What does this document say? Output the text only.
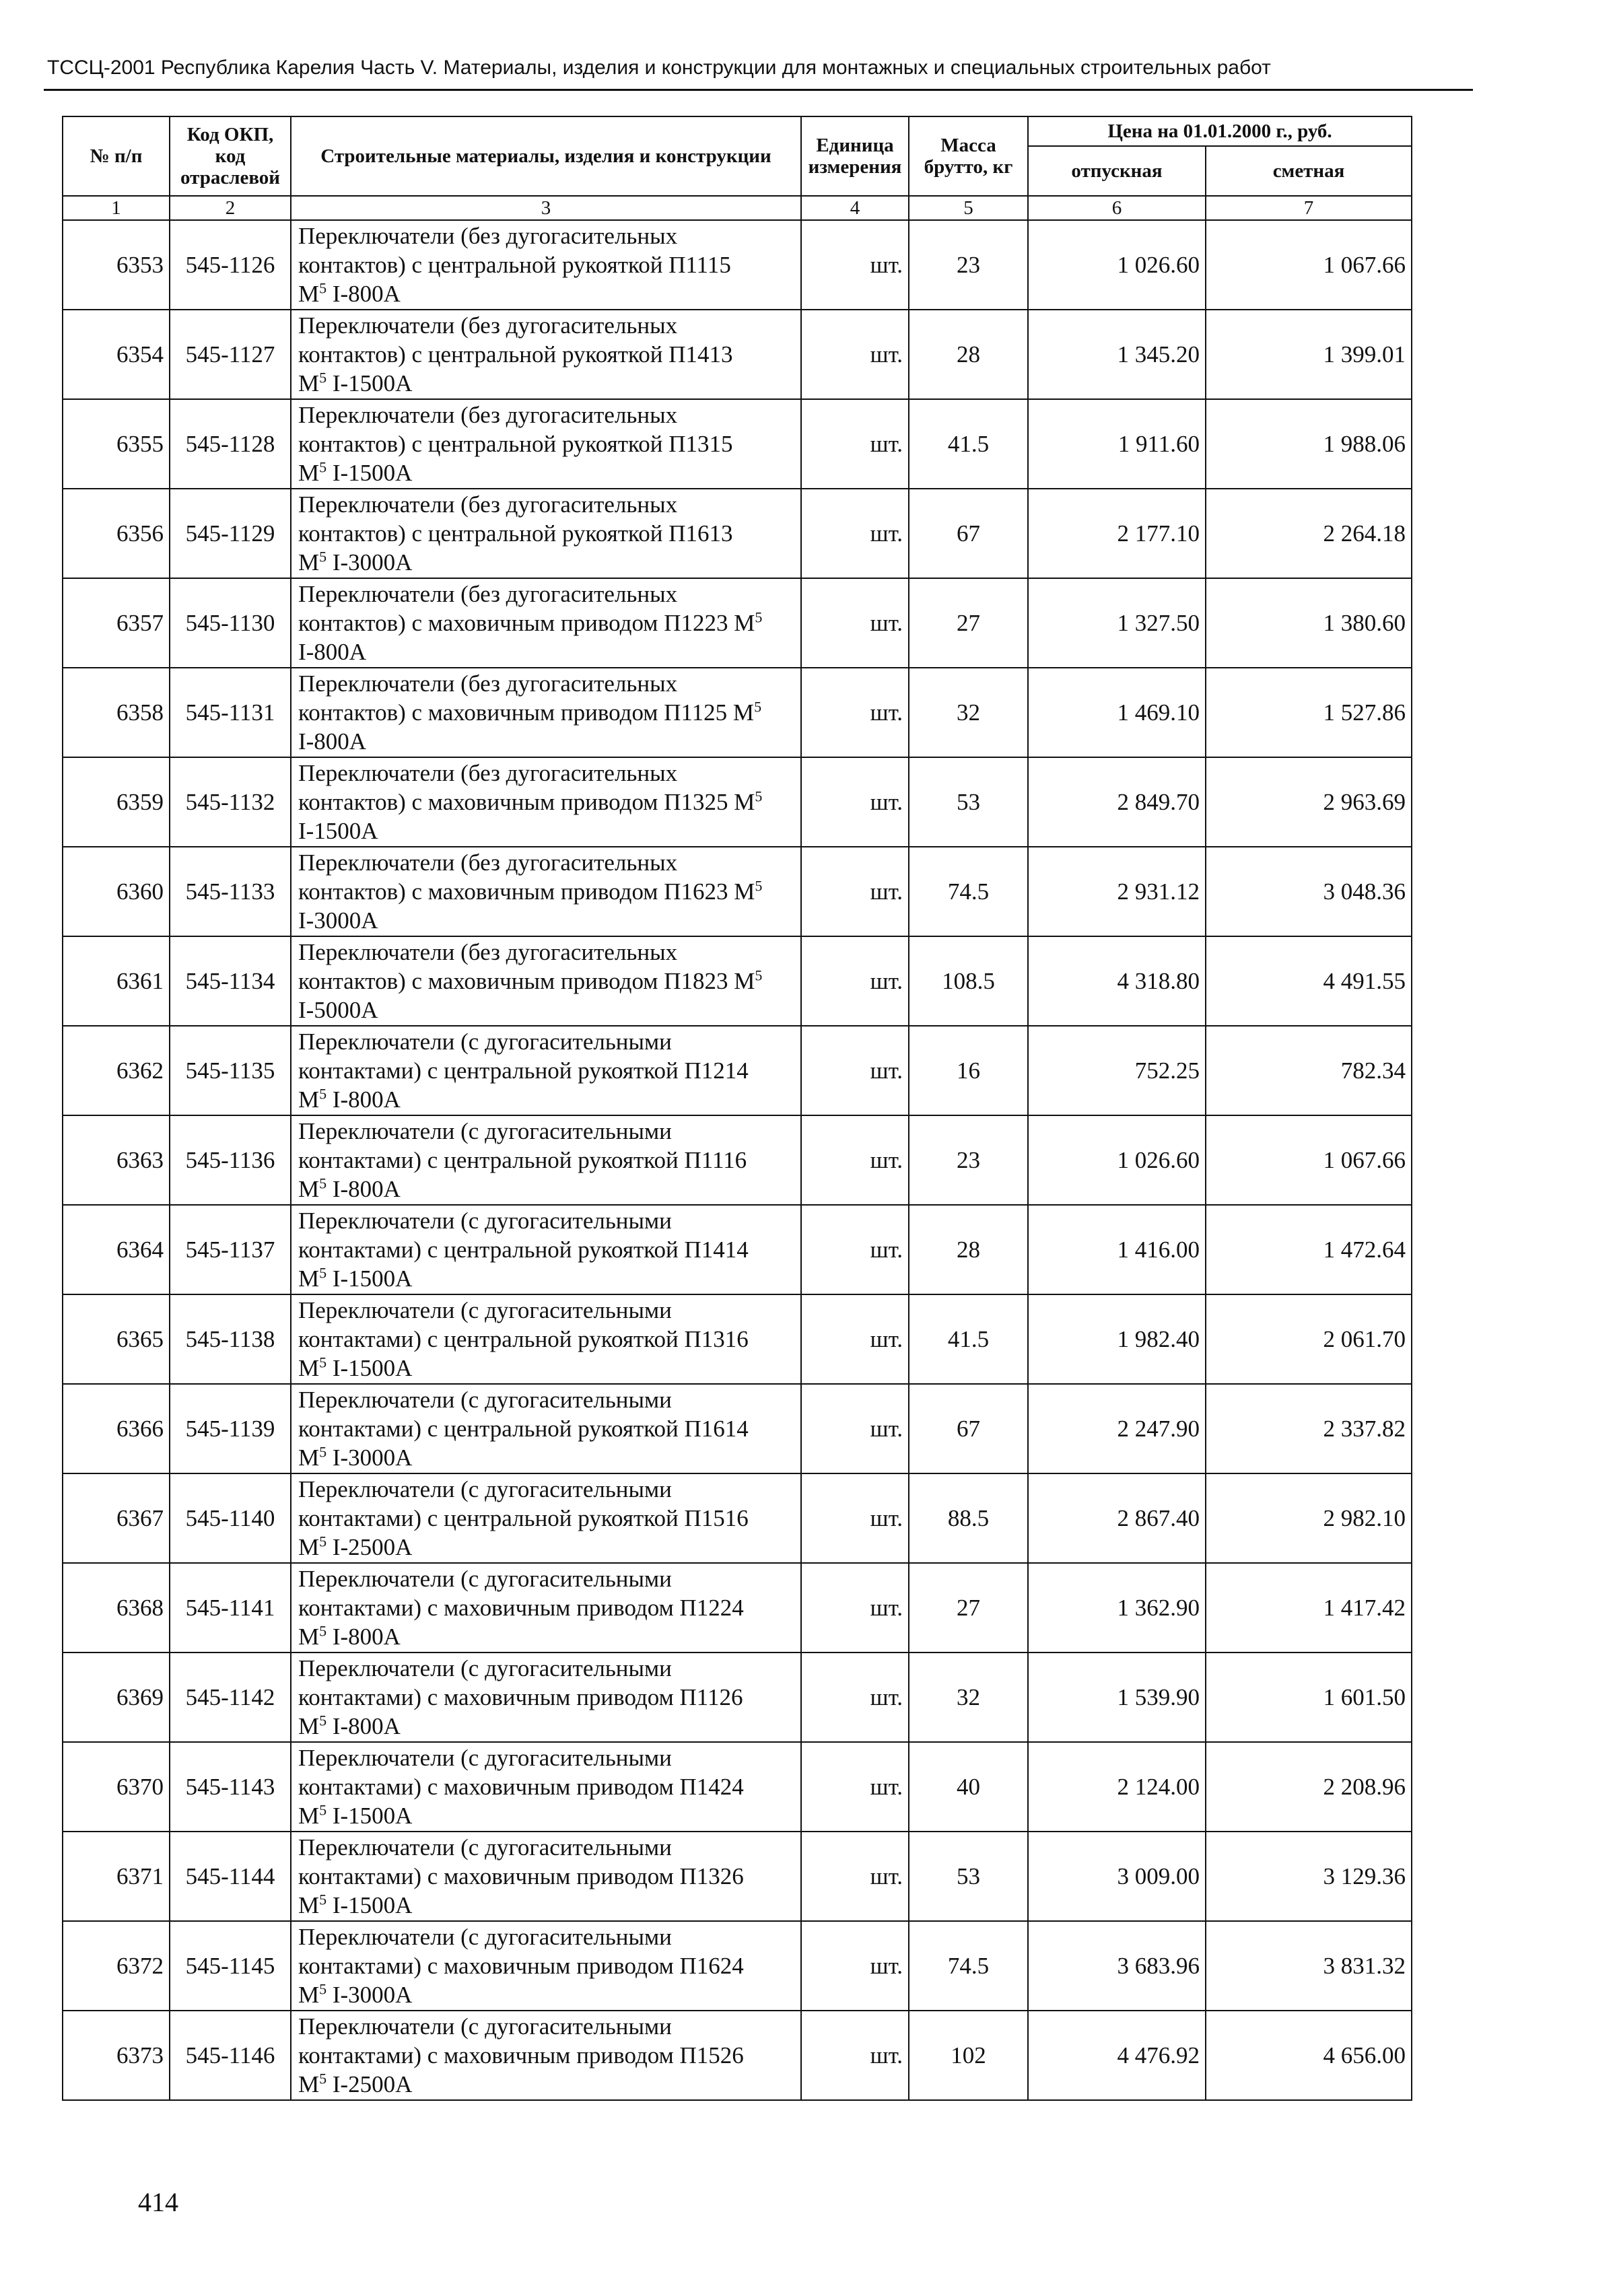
ТССЦ-2001 Республика Карелия Часть V. Материалы, изделия и конструкции для монтажных и специальных строительных работ
№ п/п	Код ОКП, код отраслевой	Строительные материалы, изделия и конструкции	Единица измерения	Масса брутто, кг	Цена на 01.01.2000 г., руб.	
					отпускная	сметная
1	2	3	4	5	6	7
6353	545-1126	Переключатели (без дугогасительных
контактов) с центральной рукояткой П1115
$М^5$ I-800А	шт.	23	1 026.60	1 067.66
6354	545-1127	Переключатели (без дугогасительных
контактов) с центральной рукояткой П1413
$М^5$ I-1500А	шт.	28	1 345.20	1 399.01
6355	545-1128	Переключатели (без дугогасительных
контактов) с центральной рукояткой П1315
$М^5$ I-1500А	шт.	41.5	1 911.60	1 988.06
6356	545-1129	Переключатели (без дугогасительных
контактов) с центральной рукояткой П1613
$М^5$ I-3000А	шт.	67	2 177.10	2 264.18
6357	545-1130	Переключатели (без дугогасительных
контактов) с маховичным приводом П1223 $М^5$
I-800А	шт.	27	1 327.50	1 380.60
6358	545-1131	Переключатели (без дугогасительных
контактов) с маховичным приводом П1125 $М^5$
I-800А	шт.	32	1 469.10	1 527.86
6359	545-1132	Переключатели (без дугогасительных
контактов) с маховичным приводом П1325 $М^5$
I-1500А	шт.	53	2 849.70	2 963.69
6360	545-1133	Переключатели (без дугогасительных
контактов) с маховичным приводом П1623 $М^5$
I-3000А	шт.	74.5	2 931.12	3 048.36
6361	545-1134	Переключатели (без дугогасительных
контактов) с маховичным приводом П1823 $М^5$
I-5000А	шт.	108.5	4 318.80	4 491.55
6362	545-1135	Переключатели (с дугогасительными
контактами) с центральной рукояткой П1214
$М^5$ I-800А	шт.	16	752.25	782.34
6363	545-1136	Переключатели (с дугогасительными
контактами) с центральной рукояткой П1116
$М^5$ I-800А	шт.	23	1 026.60	1 067.66
6364	545-1137	Переключатели (с дугогасительными
контактами) с центральной рукояткой П1414
$М^5$ I-1500А	шт.	28	1 416.00	1 472.64
6365	545-1138	Переключатели (с дугогасительными
контактами) с центральной рукояткой П1316
$М^5$ I-1500А	шт.	41.5	1 982.40	2 061.70
6366	545-1139	Переключатели (с дугогасительными
контактами) с центральной рукояткой П1614
$М^5$ I-3000А	шт.	67	2 247.90	2 337.82
6367	545-1140	Переключатели (с дугогасительными
контактами) с центральной рукояткой П1516
$М^5$ I-2500А	шт.	88.5	2 867.40	2 982.10
6368	545-1141	Переключатели (с дугогасительными
контактами) с маховичным приводом П1224
$М^5$ I-800А	шт.	27	1 362.90	1 417.42
6369	545-1142	Переключатели (с дугогасительными
контактами) с маховичным приводом П1126
$М^5$ I-800А	шт.	32	1 539.90	1 601.50
6370	545-1143	Переключатели (с дугогасительными
контактами) с маховичным приводом П1424
$М^5$ I-1500А	шт.	40	2 124.00	2 208.96
6371	545-1144	Переключатели (с дугогасительными
контактами) с маховичным приводом П1326
$М^5$ I-1500А	шт.	53	3 009.00	3 129.36
6372	545-1145	Переключатели (с дугогасительными
контактами) с маховичным приводом П1624
$М^5$ I-3000А	шт.	74.5	3 683.96	3 831.32
6373	545-1146	Переключатели (с дугогасительными
контактами) с маховичным приводом П1526
$М^5$ I-2500А	шт.	102	4 476.92	4 656.00
414
